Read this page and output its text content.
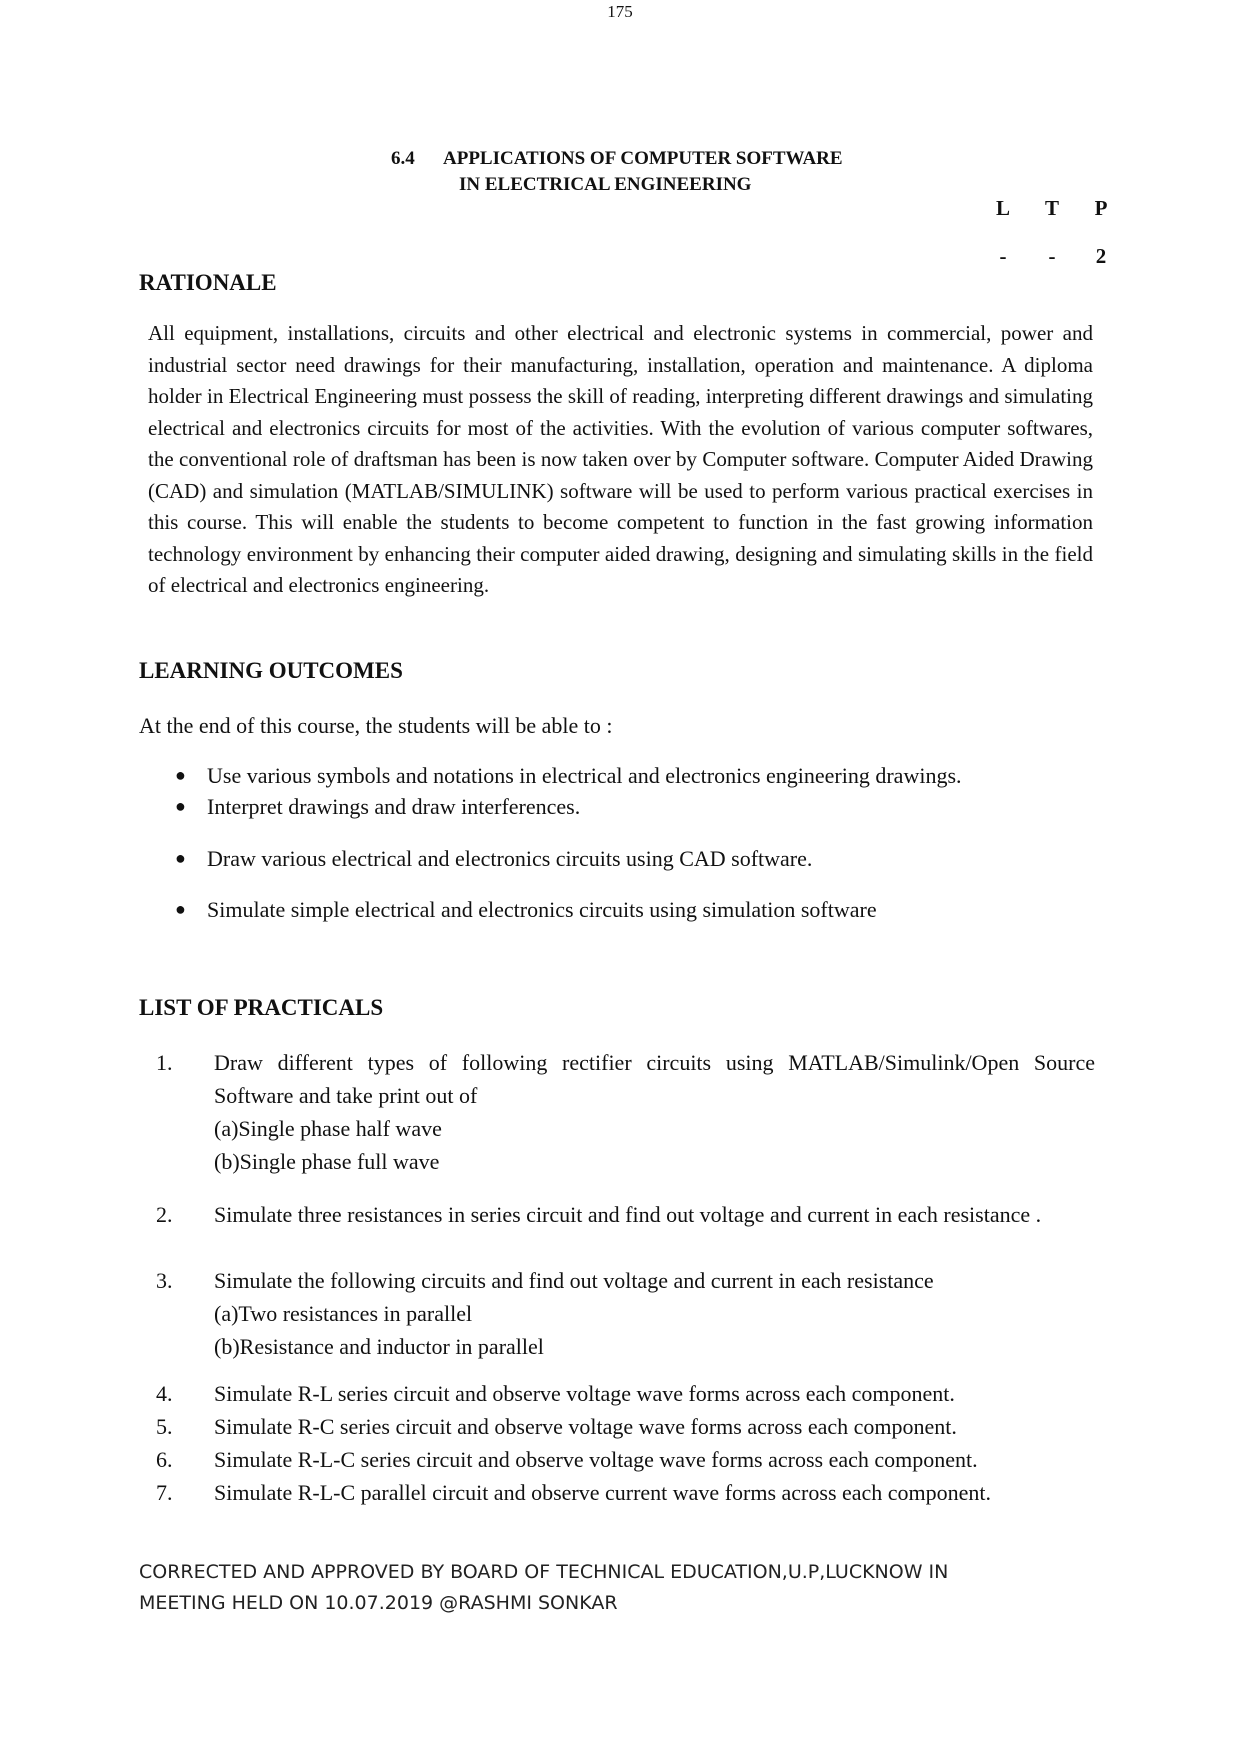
175
6.4 APPLICATIONS OF COMPUTER SOFTWARE
IN ELECTRICAL ENGINEERING
L T P
-	-	2
RATIONALE
All equipment, installations, circuits and other electrical and electronic systems in commercial, power and industrial sector need drawings for their manufacturing, installation, operation and maintenance. A diploma holder in Electrical Engineering must possess the skill of reading, interpreting different drawings and simulating electrical and electronics circuits for most of the activities. With the evolution of various computer softwares, the conventional role of draftsman has been is now taken over by Computer software. Computer Aided Drawing (CAD) and simulation (MATLAB/SIMULINK) software will be used to perform various practical exercises in this course. This will enable the students to become competent to function in the fast growing information technology environment by enhancing their computer aided drawing, designing and simulating skills in the field of electrical and electronics engineering.
LEARNING OUTCOMES
At the end of this course, the students will be able to :
● Use various symbols and notations in electrical and electronics engineering drawings.
● Interpret drawings and draw interferences.
● Draw various electrical and electronics circuits using CAD software.
● Simulate simple electrical and electronics circuits using simulation software
LIST OF PRACTICALS
1.	Draw different types of following rectifier circuits using MATLAB/Simulink/Open Source Software and take print out of
(a)Single phase half wave
(b)Single phase full wave
2.	Simulate three resistances in series circuit and find out voltage and current in each resistance .
3.	Simulate the following circuits and find out voltage and current in each resistance
(a)Two resistances in parallel
(b)Resistance and inductor in parallel
4.	Simulate R-L series circuit and observe voltage wave forms across each component.
5.	Simulate R-C series circuit and observe voltage wave forms across each component.
6.	Simulate R-L-C series circuit and observe voltage wave forms across each component.
7.	Simulate R-L-C parallel circuit and observe current wave forms across each component.
CORRECTED AND APPROVED BY BOARD OF TECHNICAL EDUCATION,U.P,LUCKNOW IN
MEETING HELD ON 10.07.2019 @RASHMI SONKAR
